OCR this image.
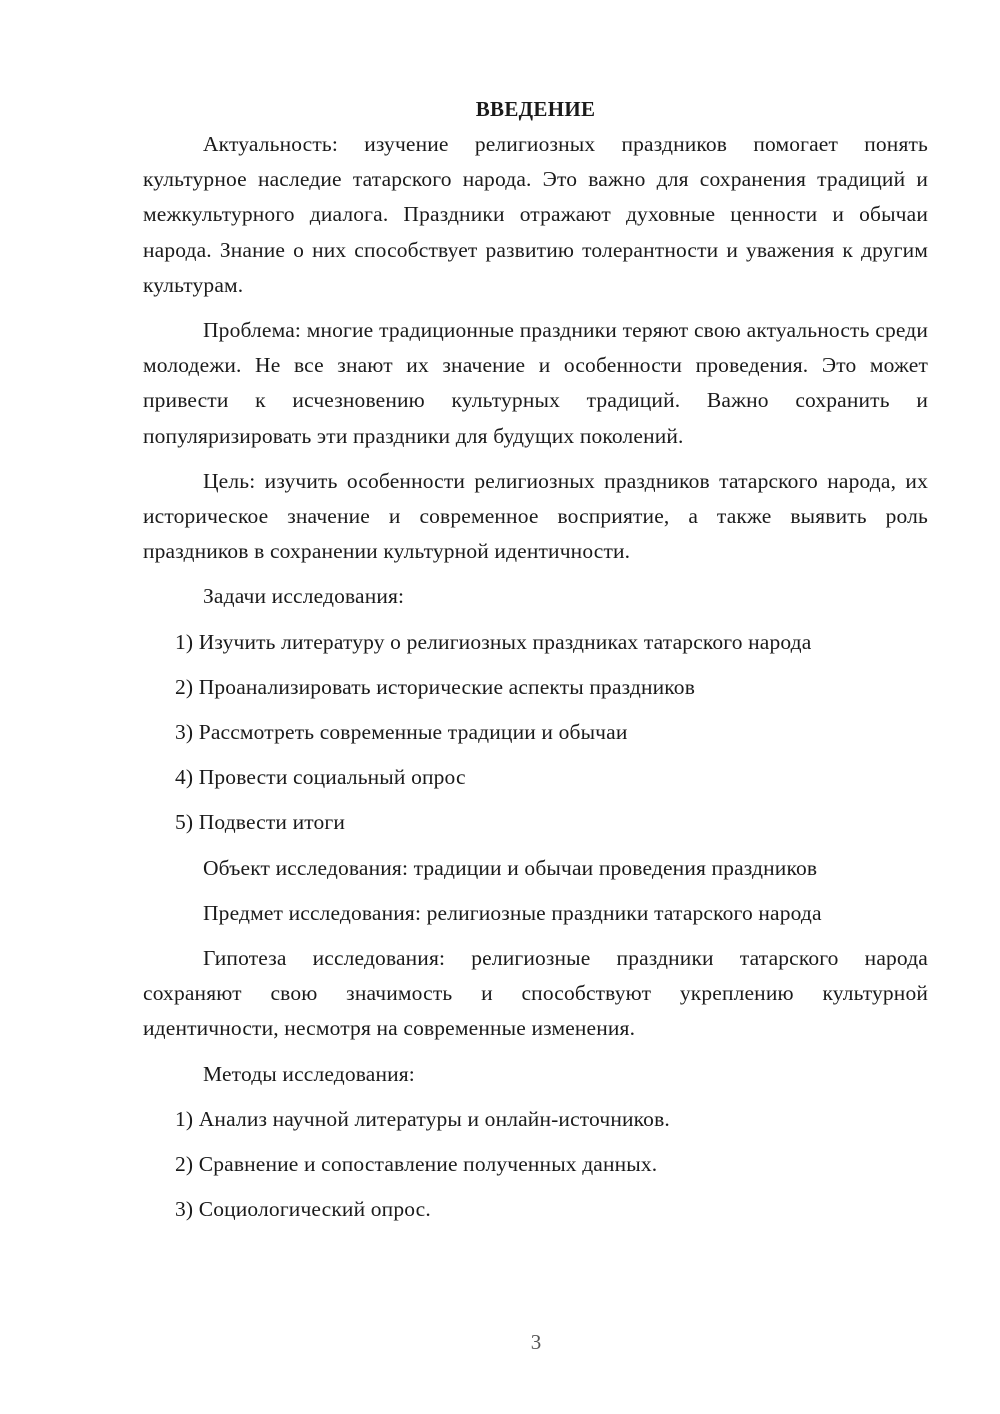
ВВЕДЕНИЕ

Актуальность: изучение религиозных праздников помогает понять культурное наследие татарского народа. Это важно для сохранения традиций и межкультурного диалога. Праздники отражают духовные ценности и обычаи народа. Знание о них способствует развитию толерантности и уважения к другим культурам.

Проблема: многие традиционные праздники теряют свою актуальность среди молодежи. Не все знают их значение и особенности проведения. Это может привести к исчезновению культурных традиций. Важно сохранить и популяризировать эти праздники для будущих поколений.

Цель: изучить особенности религиозных праздников татарского народа, их историческое значение и современное восприятие, а также выявить роль праздников в сохранении культурной идентичности.

Задачи исследования:

1) Изучить литературу о религиозных праздниках татарского народа
2) Проанализировать исторические аспекты праздников
3) Рассмотреть современные традиции и обычаи
4) Провести социальный опрос
5) Подвести итоги

Объект исследования: традиции и обычаи проведения праздников

Предмет исследования: религиозные праздники татарского народа

Гипотеза исследования: религиозные праздники татарского народа сохраняют свою значимость и способствуют укреплению культурной идентичности, несмотря на современные изменения.

Методы исследования:

1) Анализ научной литературы и онлайн-источников.
2) Сравнение и сопоставление полученных данных.
3) Социологический опрос.
3
